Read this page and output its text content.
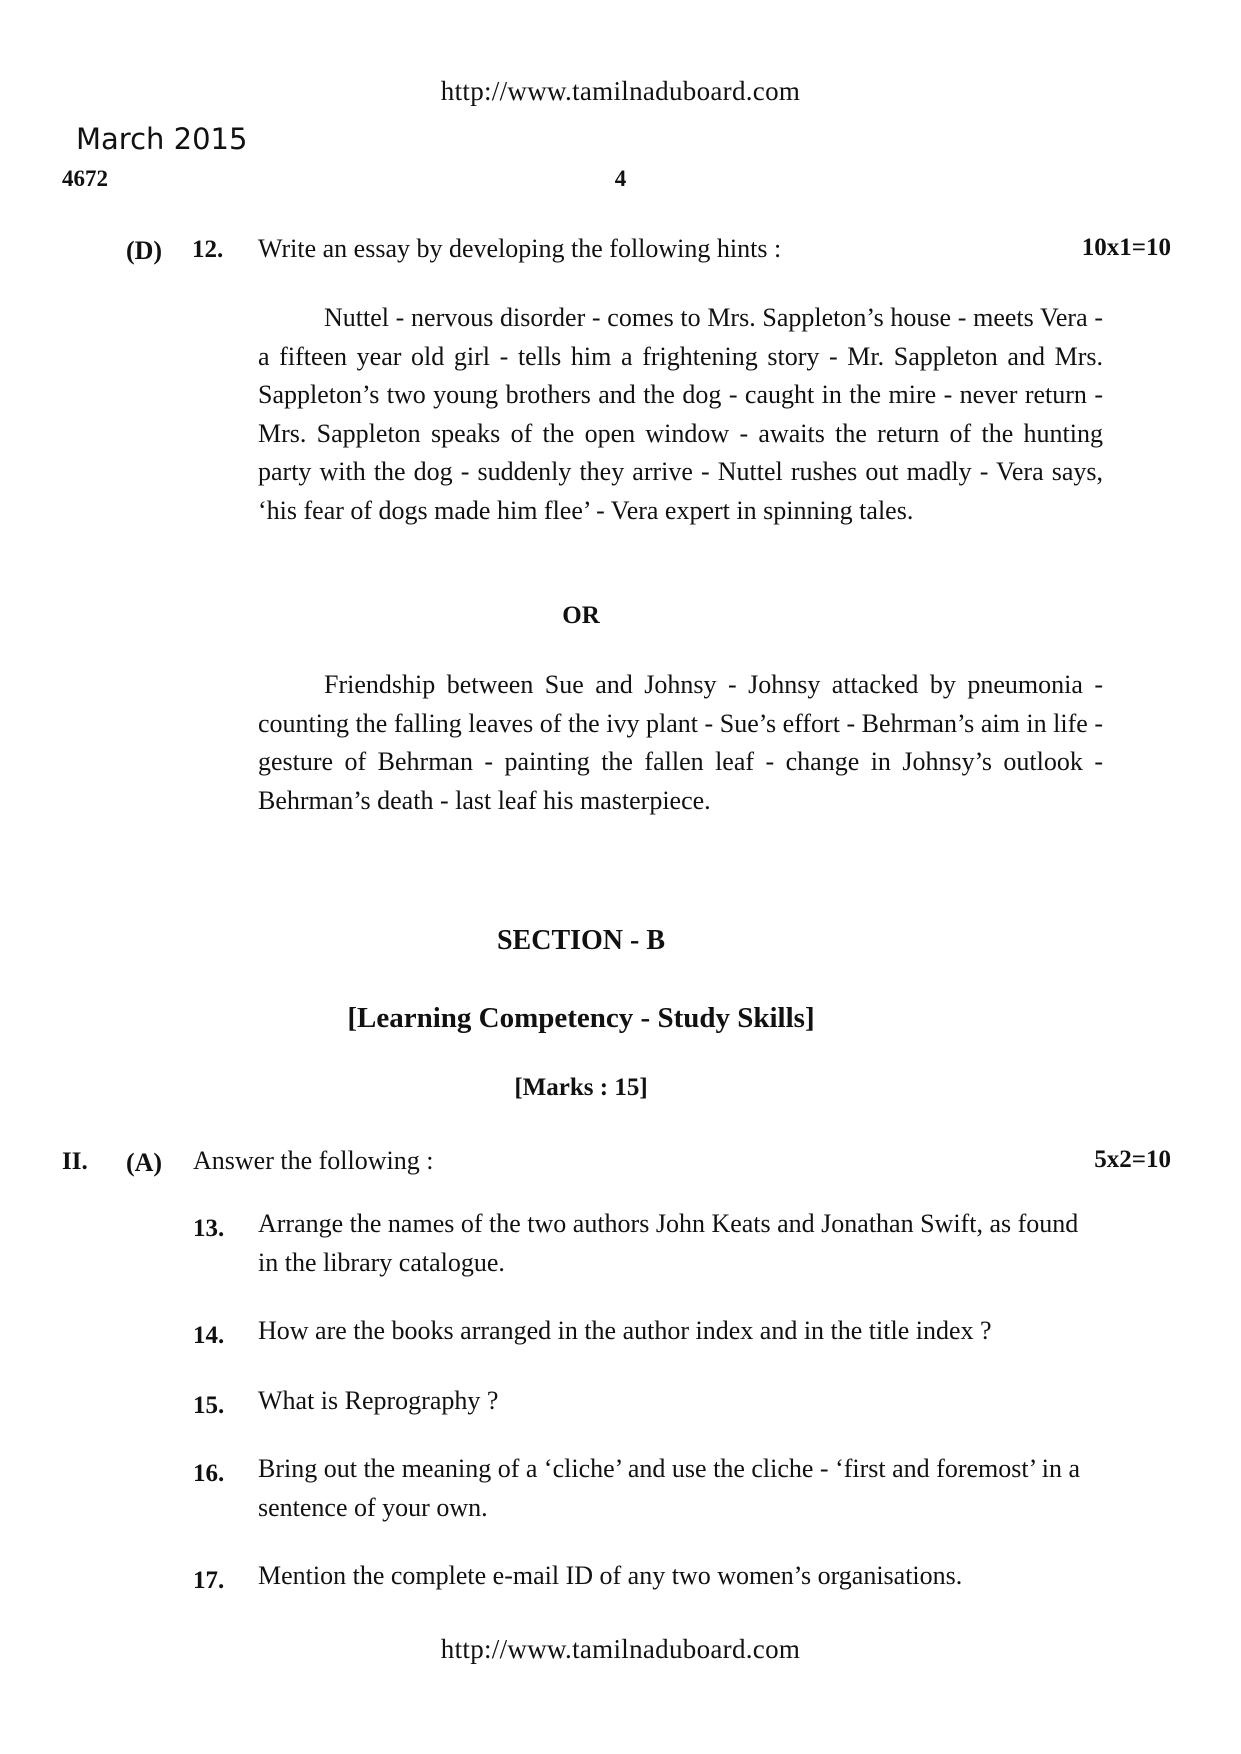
http://www.tamilnaduboard.com
March 2015
4672	4
(D) 12. Write an essay by developing the following hints :	10x1=10

Nuttel - nervous disorder - comes to Mrs. Sappleton’s house - meets Vera - a fifteen year old girl - tells him a frightening story - Mr. Sappleton and Mrs. Sappleton’s two young brothers and the dog - caught in the mire - never return - Mrs. Sappleton speaks of the open window - awaits the return of the hunting party with the dog - suddenly they arrive - Nuttel rushes out madly - Vera says, ‘his fear of dogs made him flee’ - Vera expert in spinning tales.

OR

Friendship between Sue and Johnsy - Johnsy attacked by pneumonia - counting the falling leaves of the ivy plant - Sue’s effort - Behrman’s aim in life - gesture of Behrman - painting the fallen leaf - change in Johnsy’s outlook - Behrman’s death - last leaf his masterpiece.

SECTION - B
[Learning Competency - Study Skills]
[Marks : 15]
II. (A) Answer the following :	5x2=10
13. Arrange the names of the two authors John Keats and Jonathan Swift, as found in the library catalogue.

14. How are the books arranged in the author index and in the title index ?

15. What is Reprography ?

16. Bring out the meaning of a ‘cliche’ and use the cliche - ‘first and foremost’ in a sentence of your own.

17. Mention the complete e-mail ID of any two women’s organisations.

http://www.tamilnaduboard.com
